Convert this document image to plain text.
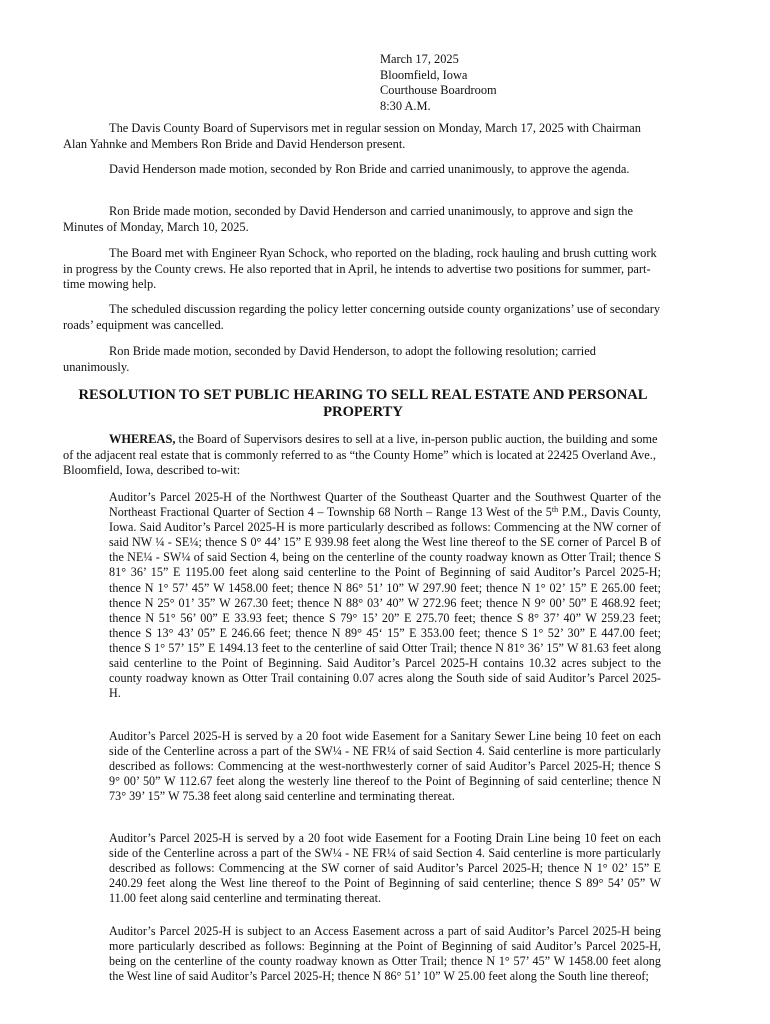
March 17, 2025
Bloomfield, Iowa
Courthouse Boardroom
8:30 A.M.

The Davis County Board of Supervisors met in regular session on Monday, March 17, 2025 with Chairman Alan Yahnke and Members Ron Bride and David Henderson present.

David Henderson made motion, seconded by Ron Bride and carried unanimously, to approve the agenda.

Ron Bride made motion, seconded by David Henderson and carried unanimously, to approve and sign the Minutes of Monday, March 10, 2025.

The Board met with Engineer Ryan Schock, who reported on the blading, rock hauling and brush cutting work in progress by the County crews. He also reported that in April, he intends to advertise two positions for summer, part-time mowing help.

The scheduled discussion regarding the policy letter concerning outside county organizations’ use of secondary roads’ equipment was cancelled.

Ron Bride made motion, seconded by David Henderson, to adopt the following resolution; carried unanimously.

RESOLUTION TO SET PUBLIC HEARING TO SELL REAL ESTATE AND PERSONAL PROPERTY

WHEREAS, the Board of Supervisors desires to sell at a live, in-person public auction, the building and some of the adjacent real estate that is commonly referred to as “the County Home” which is located at 22425 Overland Ave., Bloomfield, Iowa, described to-wit:

Auditor’s Parcel 2025-H of the Northwest Quarter of the Southeast Quarter and the Southwest Quarter of the Northeast Fractional Quarter of Section 4 – Township 68 North – Range 13 West of the 5th P.M., Davis County, Iowa. Said Auditor’s Parcel 2025-H is more particularly described as follows: Commencing at the NW corner of said NW ¼ - SE¼; thence S 0° 44’ 15” E 939.98 feet along the West line thereof to the SE corner of Parcel B of the NE¼ - SW¼ of said Section 4, being on the centerline of the county roadway known as Otter Trail; thence S 81° 36’ 15” E 1195.00 feet along said centerline to the Point of Beginning of said Auditor’s Parcel 2025-H; thence N 1° 57’ 45” W 1458.00 feet; thence N 86° 51’ 10” W 297.90 feet; thence N 1° 02’ 15” E 265.00 feet; thence N 25° 01’ 35” W 267.30 feet; thence N 88° 03’ 40” W 272.96 feet; thence N 9° 00’ 50” E 468.92 feet; thence N 51° 56’ 00” E 33.93 feet; thence S 79° 15’ 20” E 275.70 feet; thence S 8° 37’ 40” W 259.23 feet; thence S 13° 43’ 05” E 246.66 feet; thence N 89° 45‘ 15” E 353.00 feet; thence S 1° 52’ 30” E 447.00 feet; thence S 1° 57’ 15” E 1494.13 feet to the centerline of said Otter Trail; thence N 81° 36’ 15” W 81.63 feet along said centerline to the Point of Beginning. Said Auditor’s Parcel 2025-H contains 10.32 acres subject to the county roadway known as Otter Trail containing 0.07 acres along the South side of said Auditor’s Parcel 2025-H.

Auditor’s Parcel 2025-H is served by a 20 foot wide Easement for a Sanitary Sewer Line being 10 feet on each side of the Centerline across a part of the SW¼ - NE FR¼ of said Section 4. Said centerline is more particularly described as follows: Commencing at the west-northwesterly corner of said Auditor’s Parcel 2025-H; thence S 9° 00’ 50” W 112.67 feet along the westerly line thereof to the Point of Beginning of said centerline; thence N 73° 39’ 15” W 75.38 feet along said centerline and terminating thereat.

Auditor’s Parcel 2025-H is served by a 20 foot wide Easement for a Footing Drain Line being 10 feet on each side of the Centerline across a part of the SW¼ - NE FR¼ of said Section 4. Said centerline is more particularly described as follows: Commencing at the SW corner of said Auditor’s Parcel 2025-H; thence N 1° 02’ 15” E 240.29 feet along the West line thereof to the Point of Beginning of said centerline; thence S 89° 54’ 05” W 11.00 feet along said centerline and terminating thereat.

Auditor’s Parcel 2025-H is subject to an Access Easement across a part of said Auditor’s Parcel 2025-H being more particularly described as follows: Beginning at the Point of Beginning of said Auditor’s Parcel 2025-H, being on the centerline of the county roadway known as Otter Trail; thence N 1° 57’ 45” W 1458.00 feet along the West line of said Auditor’s Parcel 2025-H; thence N 86° 51’ 10” W 25.00 feet along the South line thereof;
